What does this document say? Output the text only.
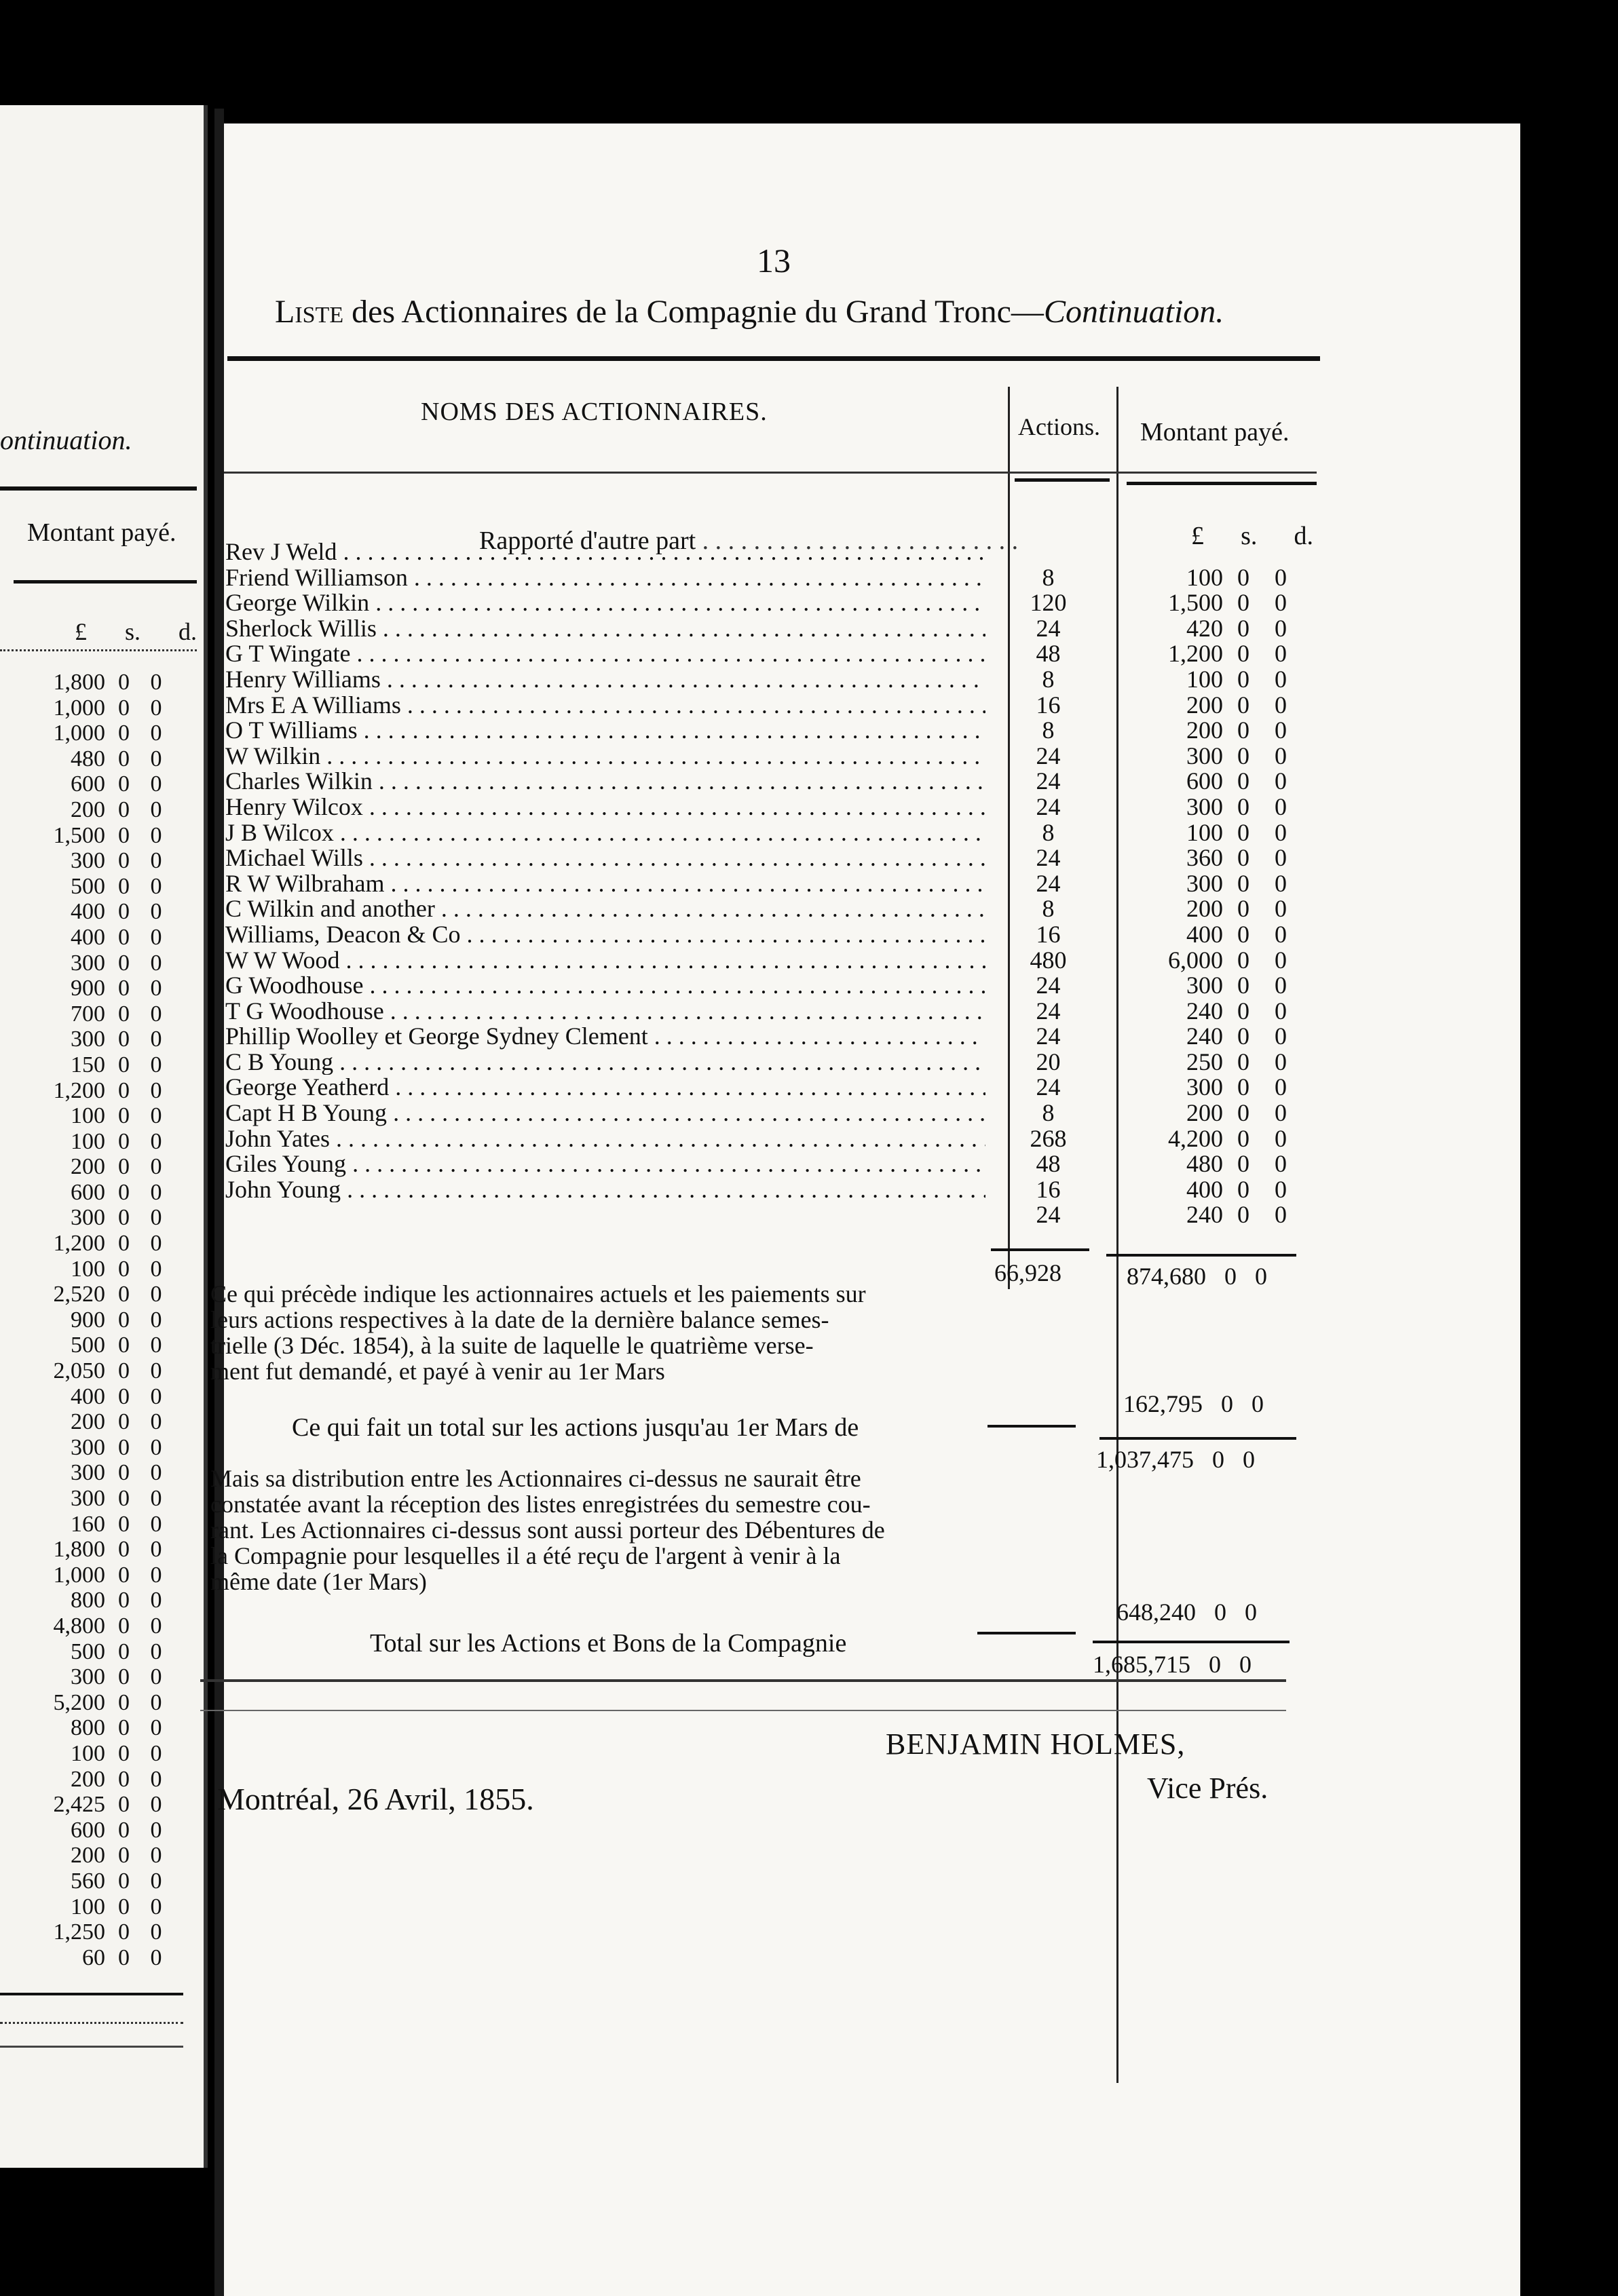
ontinuation.
Montant payé.
£ s. d.
1,800 0 0
1,000 0 0
1,000 0 0
480 0 0
600 0 0
200 0 0
1,500 0 0
300 0 0
500 0 0
400 0 0
400 0 0
300 0 0
900 0 0
700 0 0
300 0 0
150 0 0
1,200 0 0
100 0 0
100 0 0
200 0 0
600 0 0
300 0 0
1,200 0 0
100 0 0
2,520 0 0
900 0 0
500 0 0
2,050 0 0
400 0 0
200 0 0
300 0 0
300 0 0
300 0 0
160 0 0
1,800 0 0
1,000 0 0
800 0 0
4,800 0 0
500 0 0
300 0 0
5,200 0 0
800 0 0
100 0 0
200 0 0
2,425 0 0
600 0 0
200 0 0
560 0 0
100 0 0
1,250 0 0
60 0 0
13
Liste des Actionnaires de la Compagnie du Grand Tronc—Continuation.
NOMS DES ACTIONNAIRES.
Actions. Montant payé.
£ s. d.
Rapporté d'autre part . . . . . . . . . . . . . . . . . . . . . . . . .
Rev J Weld . . .
Friend Williamson . . .	8	100 0	0
George Wilkin . . .	120	1,500 0	0
Sherlock Willis . . .	24	420 0	0
G T Wingate . . .	48	1,200 0	0
Henry Williams . . .	8	100 0	0
Mrs E A Williams . . .	16	200 0	0
O T Williams . . .	8	200 0	0
W Wilkin . . .	24	300 0	0
Charles Wilkin . . .	24	600 0	0
Henry Wilcox . . .	24	300 0	0
J B Wilcox . . .	8	100 0	0
Michael Wills . . .	24	360 0	0
R W Wilbraham . . .	24	300 0	0
C Wilkin and another . . .	8	200 0	0
Williams, Deacon & Co . . .	16	400 0	0
W W Wood . . .	480	6,000 0	0
G Woodhouse . . .	24	300 0	0
T G Woodhouse . . .	24	240 0	0
Phillip Woolley et George Sydney Clement . . .	24	240 0	0
C B Young . . .	20	250 0	0
George Yeatherd . . .	24	300 0	0
Capt H B Young . . .	8	200 0	0
John Yates . . .	268	4,200 0	0
Giles Young . . .	48	480 0	0
John Young . . .	16	400 0	0
24	240 0	0
66,928	874,680   0   0
Ce qui précède indique les actionnaires actuels et les paiements sur
leurs actions respectives à la date de la dernière balance semes-
trielle (3 Déc. 1854), à la suite de laquelle le quatrième verse-
ment fut demandé, et payé à venir au 1er Mars
162,795   0   0
Ce qui fait un total sur les actions jusqu'au 1er Mars de
1,037,475   0   0
Mais sa distribution entre les Actionnaires ci-dessus ne saurait être
constatée avant la réception des listes enregistrées du semestre cou-
rant. Les Actionnaires ci-dessus sont aussi porteur des Débentures de
la Compagnie pour lesquelles il a été reçu de l'argent à venir à la
même date (1er Mars)
648,240   0   0
Total sur les Actions et Bons de la Compagnie
1,685,715   0   0
BENJAMIN HOLMES,
Vice Prés.
Montréal, 26 Avril, 1855.
